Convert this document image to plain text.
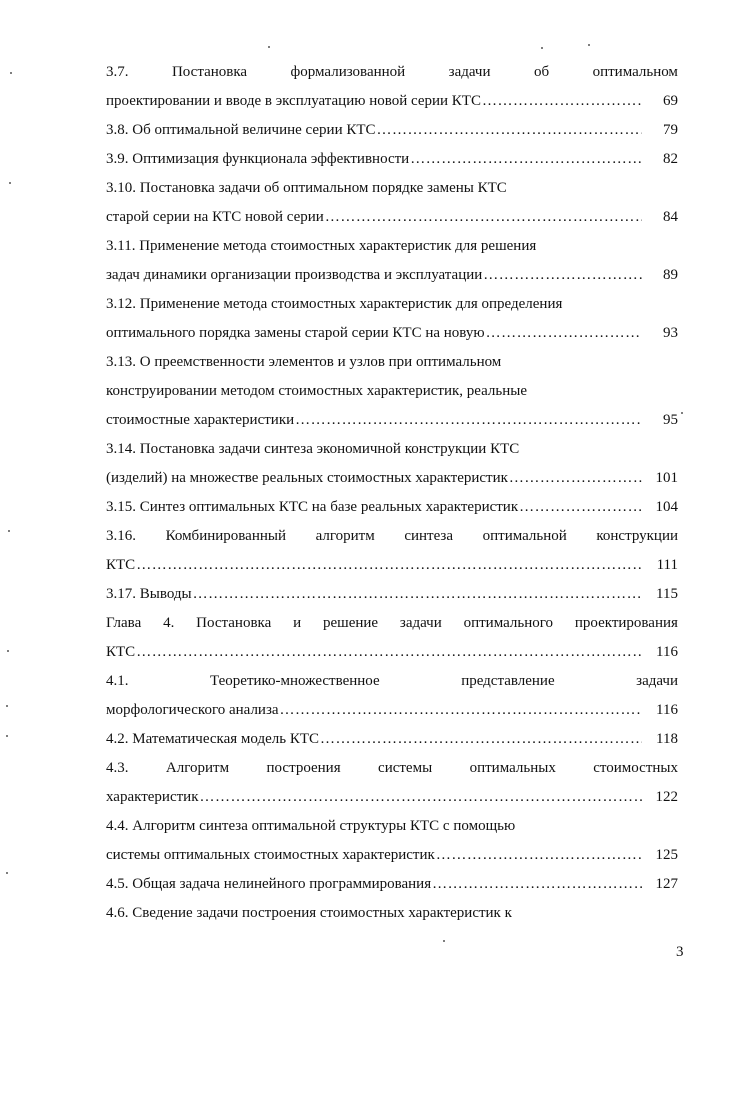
3.7.	Постановка	формализованной	задачи	об	оптимальном
проектировании и вводе в эксплуатацию новой серии КТС ……………………………………………………………………………………………………………………………………………………………………………	69
3.8. Об оптимальной величине серии КТС ……………………………………………………………………………………………………………………………………………………………………………	79
3.9. Оптимизация функционала эффективности ……………………………………………………………………………………………………………………………………………………………………………	82
3.10. Постановка задачи об оптимальном порядке замены КТС
старой серии на КТС новой серии ……………………………………………………………………………………………………………………………………………………………………………	84
3.11. Применение метода стоимостных характеристик для решения
задач динамики организации производства и эксплуатации ……………………………………………………………………………………………………………………………………………………………………………	89
3.12. Применение метода стоимостных характеристик для определения
оптимального порядка замены старой серии КТС на новую ……………………………………………………………………………………………………………………………………………………………………………	93
3.13. О преемственности элементов и узлов при оптимальном
конструировании методом стоимостных характеристик, реальные
стоимостные характеристики ……………………………………………………………………………………………………………………………………………………………………………	95
3.14. Постановка задачи синтеза экономичной конструкции КТС
(изделий) на множестве реальных стоимостных характеристик ……………………………………………………………………………………………………………………………………………………………………………	101
3.15. Синтез оптимальных КТС на базе реальных характеристик ……………………………………………………………………………………………………………………………………………………………………………	104
3.16. Комбинированный алгоритм синтеза оптимальной конструкции
КТС ……………………………………………………………………………………………………………………………………………………………………………	111
3.17. Выводы ……………………………………………………………………………………………………………………………………………………………………………	115
Глава 4. Постановка и решение задачи оптимального проектирования
КТС ……………………………………………………………………………………………………………………………………………………………………………	116
4.1.	Теоретико-множественное	представление	задачи
морфологического анализа ……………………………………………………………………………………………………………………………………………………………………………	116
4.2. Математическая модель КТС ……………………………………………………………………………………………………………………………………………………………………………	118
4.3. Алгоритм построения системы оптимальных стоимостных
характеристик ……………………………………………………………………………………………………………………………………………………………………………	122
4.4. Алгоритм синтеза оптимальной структуры КТС с помощью
системы оптимальных стоимостных характеристик ……………………………………………………………………………………………………………………………………………………………………………	125
4.5. Общая задача нелинейного программирования ……………………………………………………………………………………………………………………………………………………………………………	127
4.6. Сведение задачи построения стоимостных характеристик к
3
